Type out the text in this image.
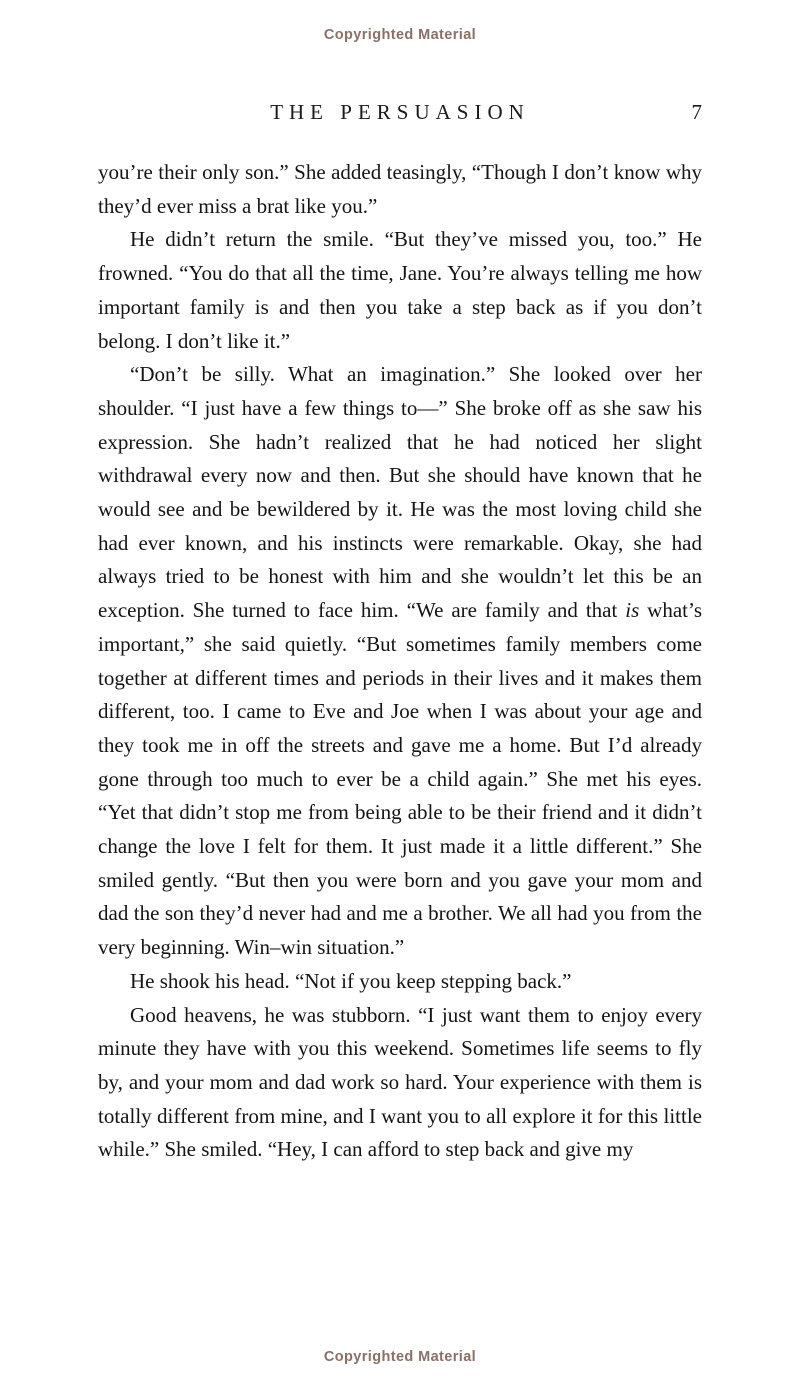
Copyrighted Material
THE PERSUASION	7

you’re their only son.” She added teasingly, “Though I don’t know why they’d ever miss a brat like you.”

He didn’t return the smile. “But they’ve missed you, too.” He frowned. “You do that all the time, Jane. You’re always telling me how important family is and then you take a step back as if you don’t belong. I don’t like it.”

“Don’t be silly. What an imagination.” She looked over her shoulder. “I just have a few things to—” She broke off as she saw his expression. She hadn’t realized that he had noticed her slight withdrawal every now and then. But she should have known that he would see and be bewildered by it. He was the most loving child she had ever known, and his instincts were remarkable. Okay, she had always tried to be honest with him and she wouldn’t let this be an exception. She turned to face him. “We are family and that is what’s important,” she said quietly. “But sometimes family members come together at different times and periods in their lives and it makes them different, too. I came to Eve and Joe when I was about your age and they took me in off the streets and gave me a home. But I’d already gone through too much to ever be a child again.” She met his eyes. “Yet that didn’t stop me from being able to be their friend and it didn’t change the love I felt for them. It just made it a little different.” She smiled gently. “But then you were born and you gave your mom and dad the son they’d never had and me a brother. We all had you from the very beginning. Win–win situation.”

He shook his head. “Not if you keep stepping back.”

Good heavens, he was stubborn. “I just want them to enjoy every minute they have with you this weekend. Sometimes life seems to fly by, and your mom and dad work so hard. Your experience with them is totally different from mine, and I want you to all explore it for this little while.” She smiled. “Hey, I can afford to step back and give my

Copyrighted Material
